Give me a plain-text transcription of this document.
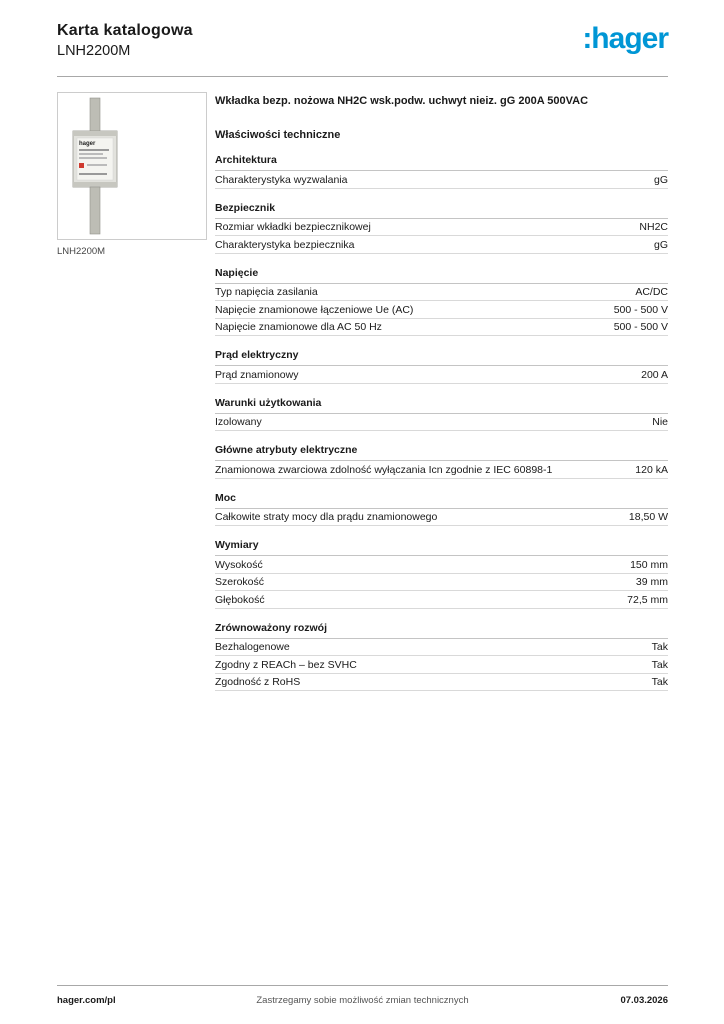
Karta katalogowa
LNH2200M	:hager
hager
LNH2200M

Wkładka bezp. nożowa NH2C wsk.podw. uchwyt nieiz. gG 200A 500VAC

Właściwości techniczne
Architektura
Charakterystyka wyzwalania	gG
Bezpiecznik
Rozmiar wkładki bezpiecznikowej	NH2C
Charakterystyka bezpiecznika	gG
Napięcie
Typ napięcia zasilania	AC/DC
Napięcie znamionowe łączeniowe Ue (AC)	500 - 500 V
Napięcie znamionowe dla AC 50 Hz	500 - 500 V
Prąd elektryczny
Prąd znamionowy	200 A
Warunki użytkowania
Izolowany	Nie
Główne atrybuty elektryczne
Znamionowa zwarciowa zdolność wyłączania Icn zgodnie z IEC 60898-1	120 kA
Moc
Całkowite straty mocy dla prądu znamionowego	18,50 W
Wymiary
Wysokość	150 mm
Szerokość	39 mm
Głębokość	72,5 mm
Zrównoważony rozwój
Bezhalogenowe	Tak
Zgodny z REACh – bez SVHC	Tak
Zgodność z RoHS	Tak
hager.com/pl	Zastrzegamy sobie możliwość zmian technicznych	07.03.2026
